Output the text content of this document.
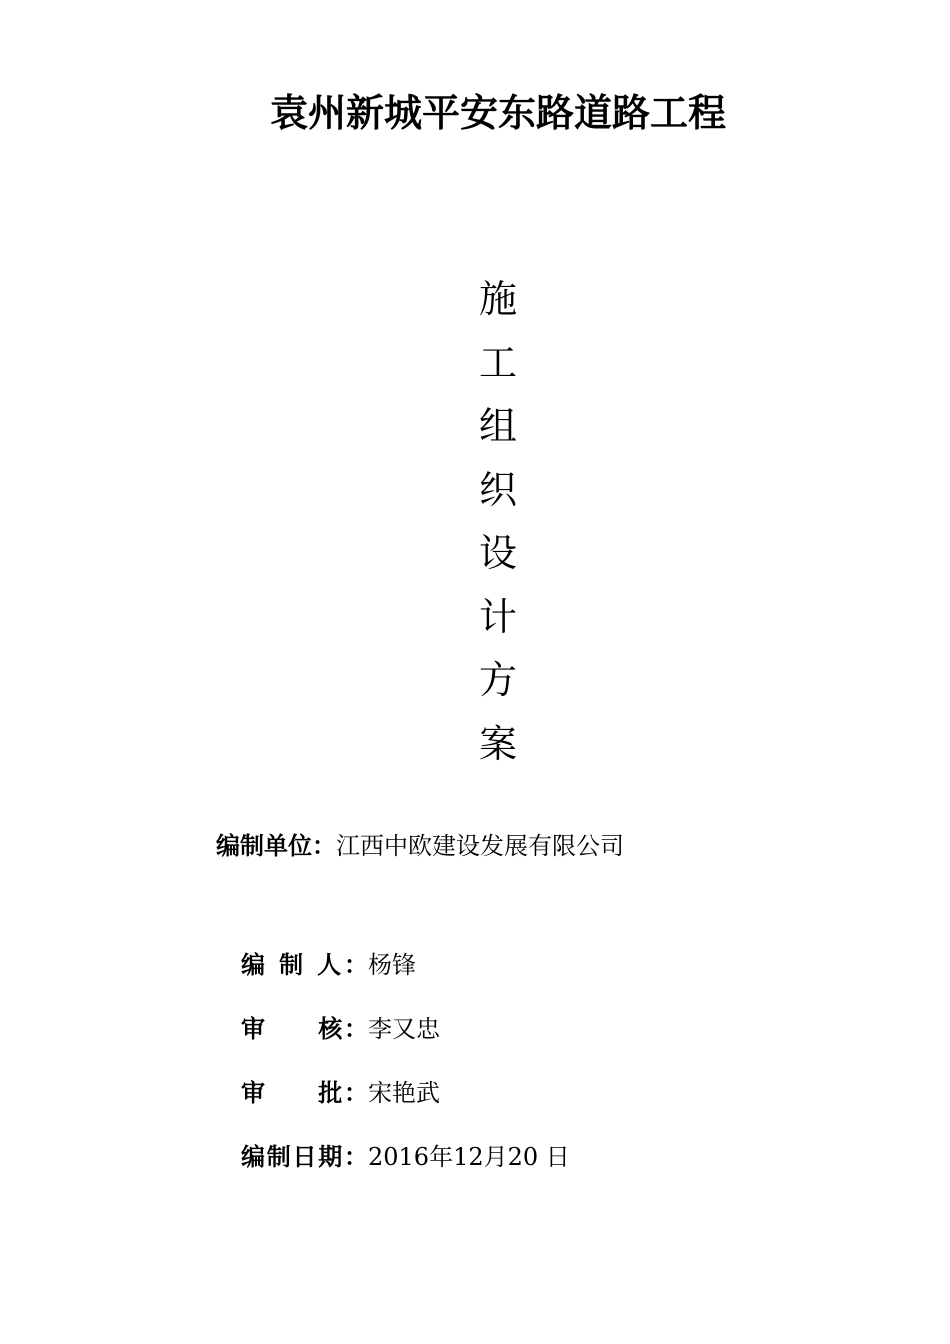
袁州新城平安东路道路工程
施
工
组
织
设
计
方
案
编制单位：江西中欧建设发展有限公司
编 制 人： 杨锋
审　　核： 李又忠
审　　批： 宋艳武
编制日期： 2016年12月20 日
